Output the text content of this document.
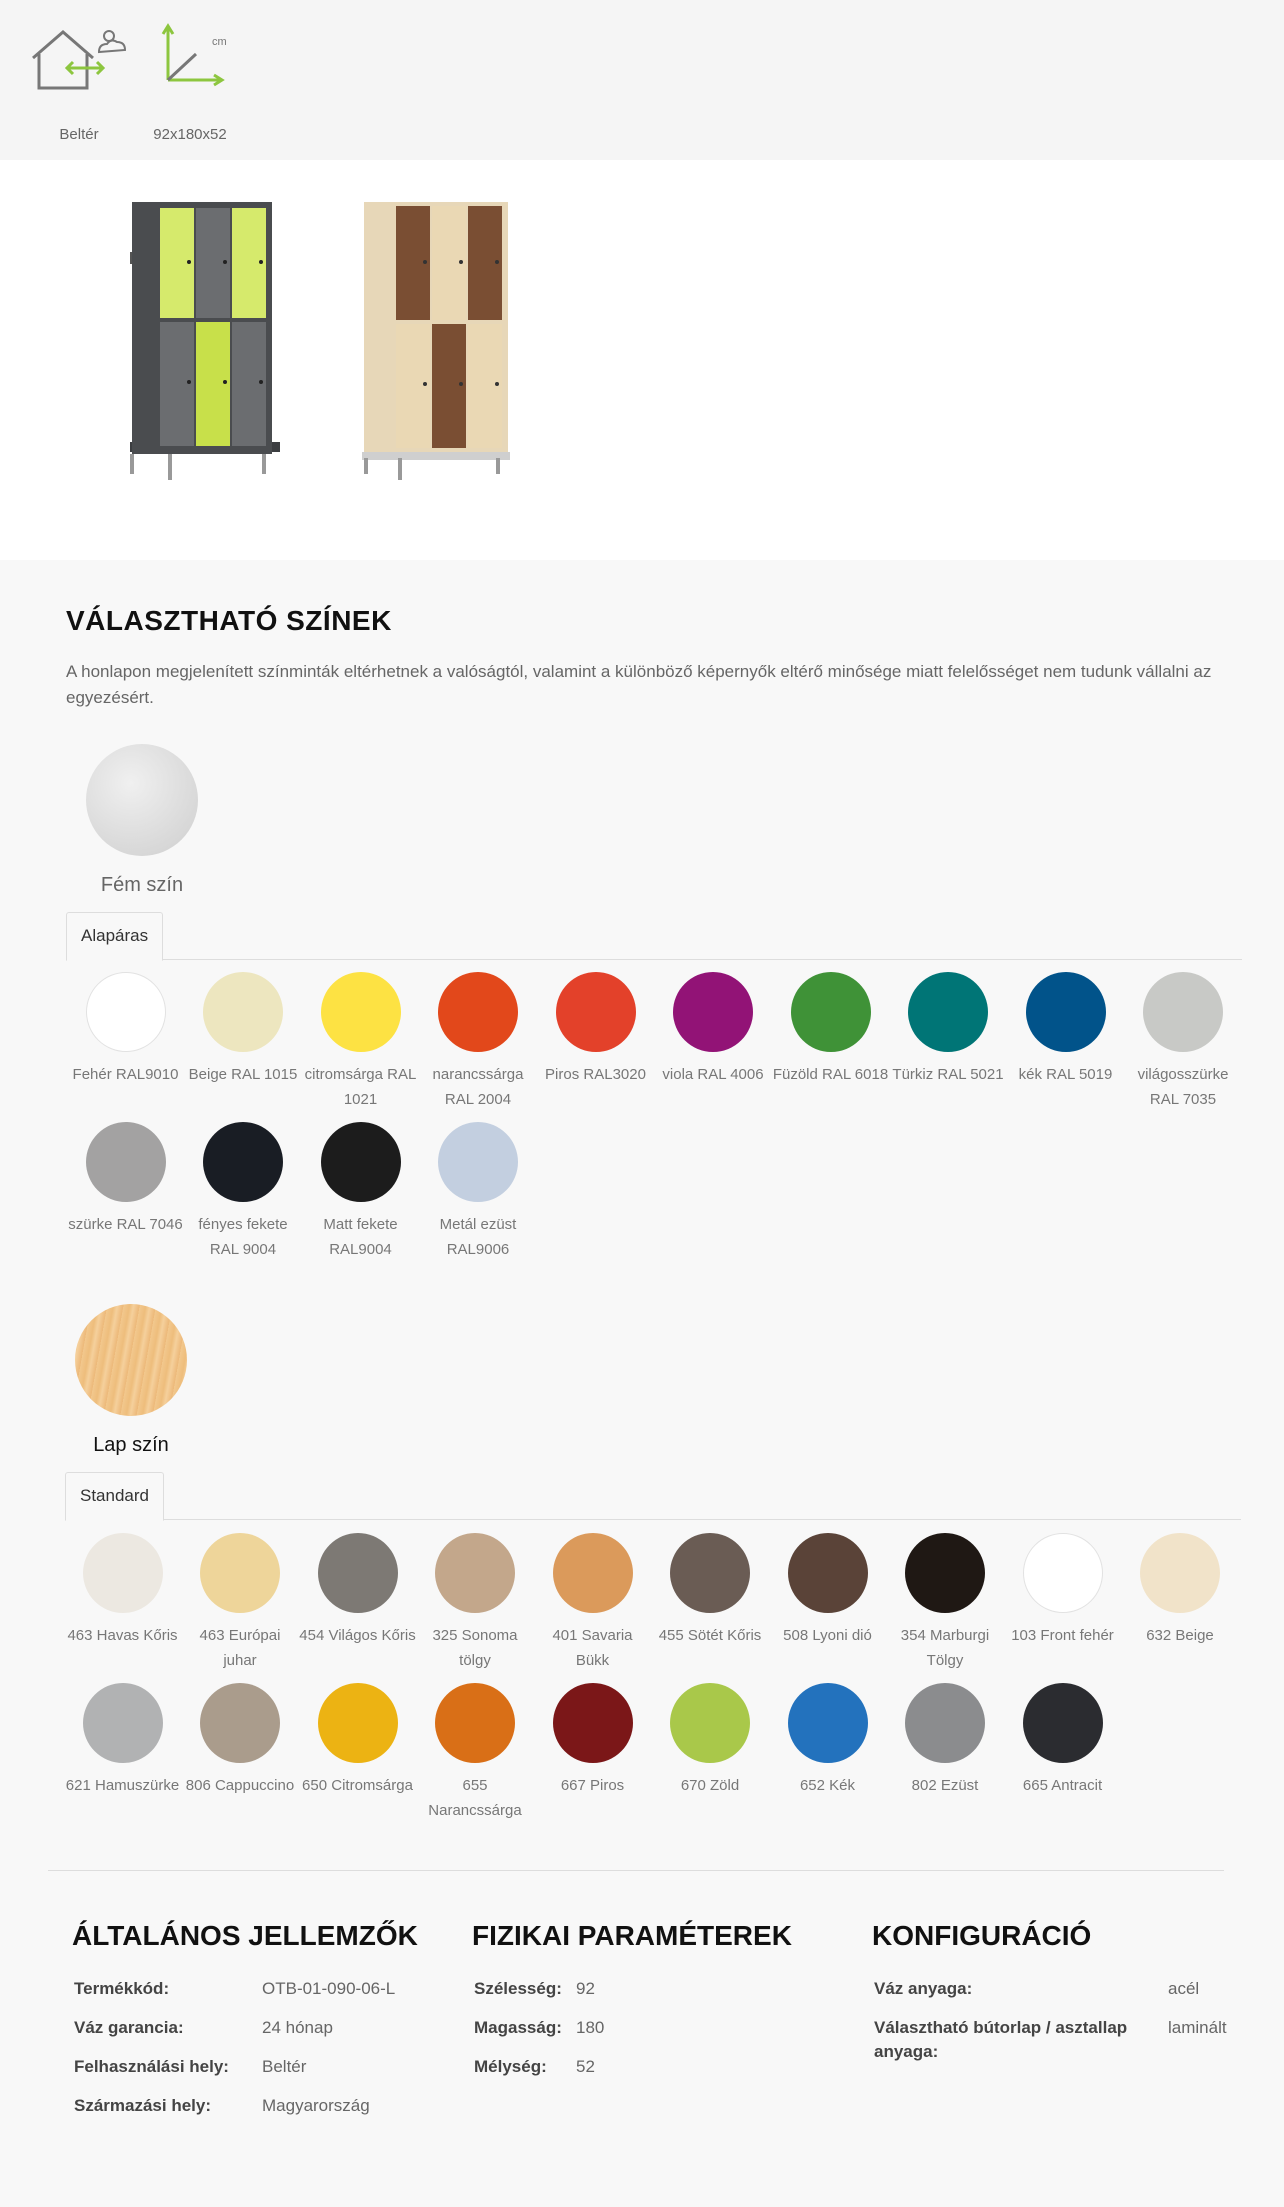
Beltér	92x180x52
cm
VÁLASZTHATÓ SZÍNEK
A honlapon megjelenített színminták eltérhetnek a valóságtól, valamint a különböző képernyők eltérő minősége miatt felelősséget nem tudunk vállalni az egyezésért.
Fém szín
Alapáras
Fehér RAL9010 Beige RAL 1015 citromsárga RAL 1021
narancssárga RAL 2004
Piros RAL3020	viola RAL 4006 Füzöld RAL 6018 Türkiz RAL 5021	kék RAL 5019	világosszürke RAL 7035
szürke RAL 7046	fényes fekete RAL 9004
Matt fekete RAL9004
Metál ezüst RAL9006
Lap szín
Standard
463 Havas Kőris	463 Európai juhar
454 Világos Kőris	325 Sonoma tölgy
401 Savaria Bükk
455 Sötét Kőris	508 Lyoni dió	354 Marburgi Tölgy
103 Front fehér	632 Beige
621 Hamuszürke 806 Cappuccino 650 Citromsárga	655 Narancssárga
667 Piros	670 Zöld	652 Kék	802 Ezüst	665 Antracit
ÁLTALÁNOS JELLEMZŐK FIZIKAI PARAMÉTEREK	KONFIGURÁCIÓ
Termékkód:	OTB-01-090-06-L
Váz garancia:	24 hónap
Felhasználási hely:	Beltér
Származási hely:	Magyarország
Szélesség: 92
Magasság: 180
Mélység:	52
Váz anyaga:	acél
Választható bútorlap / asztallap anyaga:
laminált
